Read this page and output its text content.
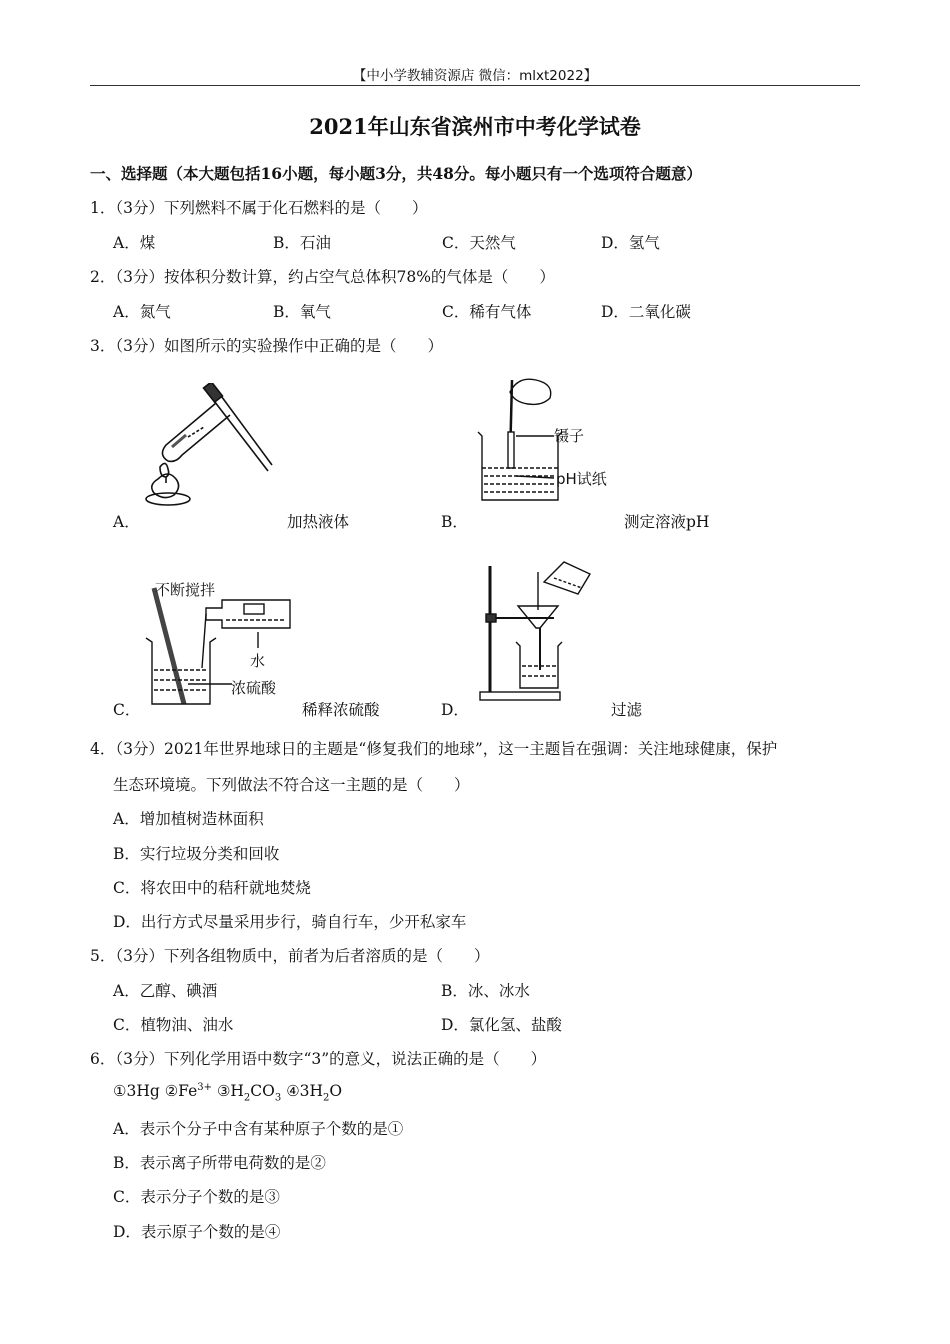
【中小学教辅资源店 微信：mlxt2022】
2021年山东省滨州市中考化学试卷
一、选择题（本大题包括16小题，每小题3分，共48分。每小题只有一个选项符合题意）
1．（3分）下列燃料不属于化石燃料的是（　　）
A．煤	B．石油	C．天然气	D．氢气
2．（3分）按体积分数计算，约占空气总体积78%的气体是（　　）
A．氮气	B．氧气	C．稀有气体	D．二氧化碳
3．（3分）如图所示的实验操作中正确的是（　　）
A．	加热液体
镊子
pH试纸
B．	测定溶液pH
不断搅拌
水
浓硫酸
C．	稀释浓硫酸	D．	过滤
4．（3分）2021年世界地球日的主题是“修复我们的地球”，这一主题旨在强调：关注地球健康，保护
生态环境境。下列做法不符合这一主题的是（　　）
A．增加植树造林面积
B．实行垃圾分类和回收
C．将农田中的秸秆就地焚烧
D．出行方式尽量采用步行，骑自行车，少开私家车
5．（3分）下列各组物质中，前者为后者溶质的是（　　）
A．乙醇、碘酒	B．冰、冰水
C．植物油、油水	D．氯化氢、盐酸
6．（3分）下列化学用语中数字“3”的意义，说法正确的是（　　）
①3Hg $②Fe^{3+}$ $③H_2CO_3$ $④3H_2O$
A．表示个分子中含有某种原子个数的是①
B．表示离子所带电荷数的是②
C．表示分子个数的是③
D．表示原子个数的是④
